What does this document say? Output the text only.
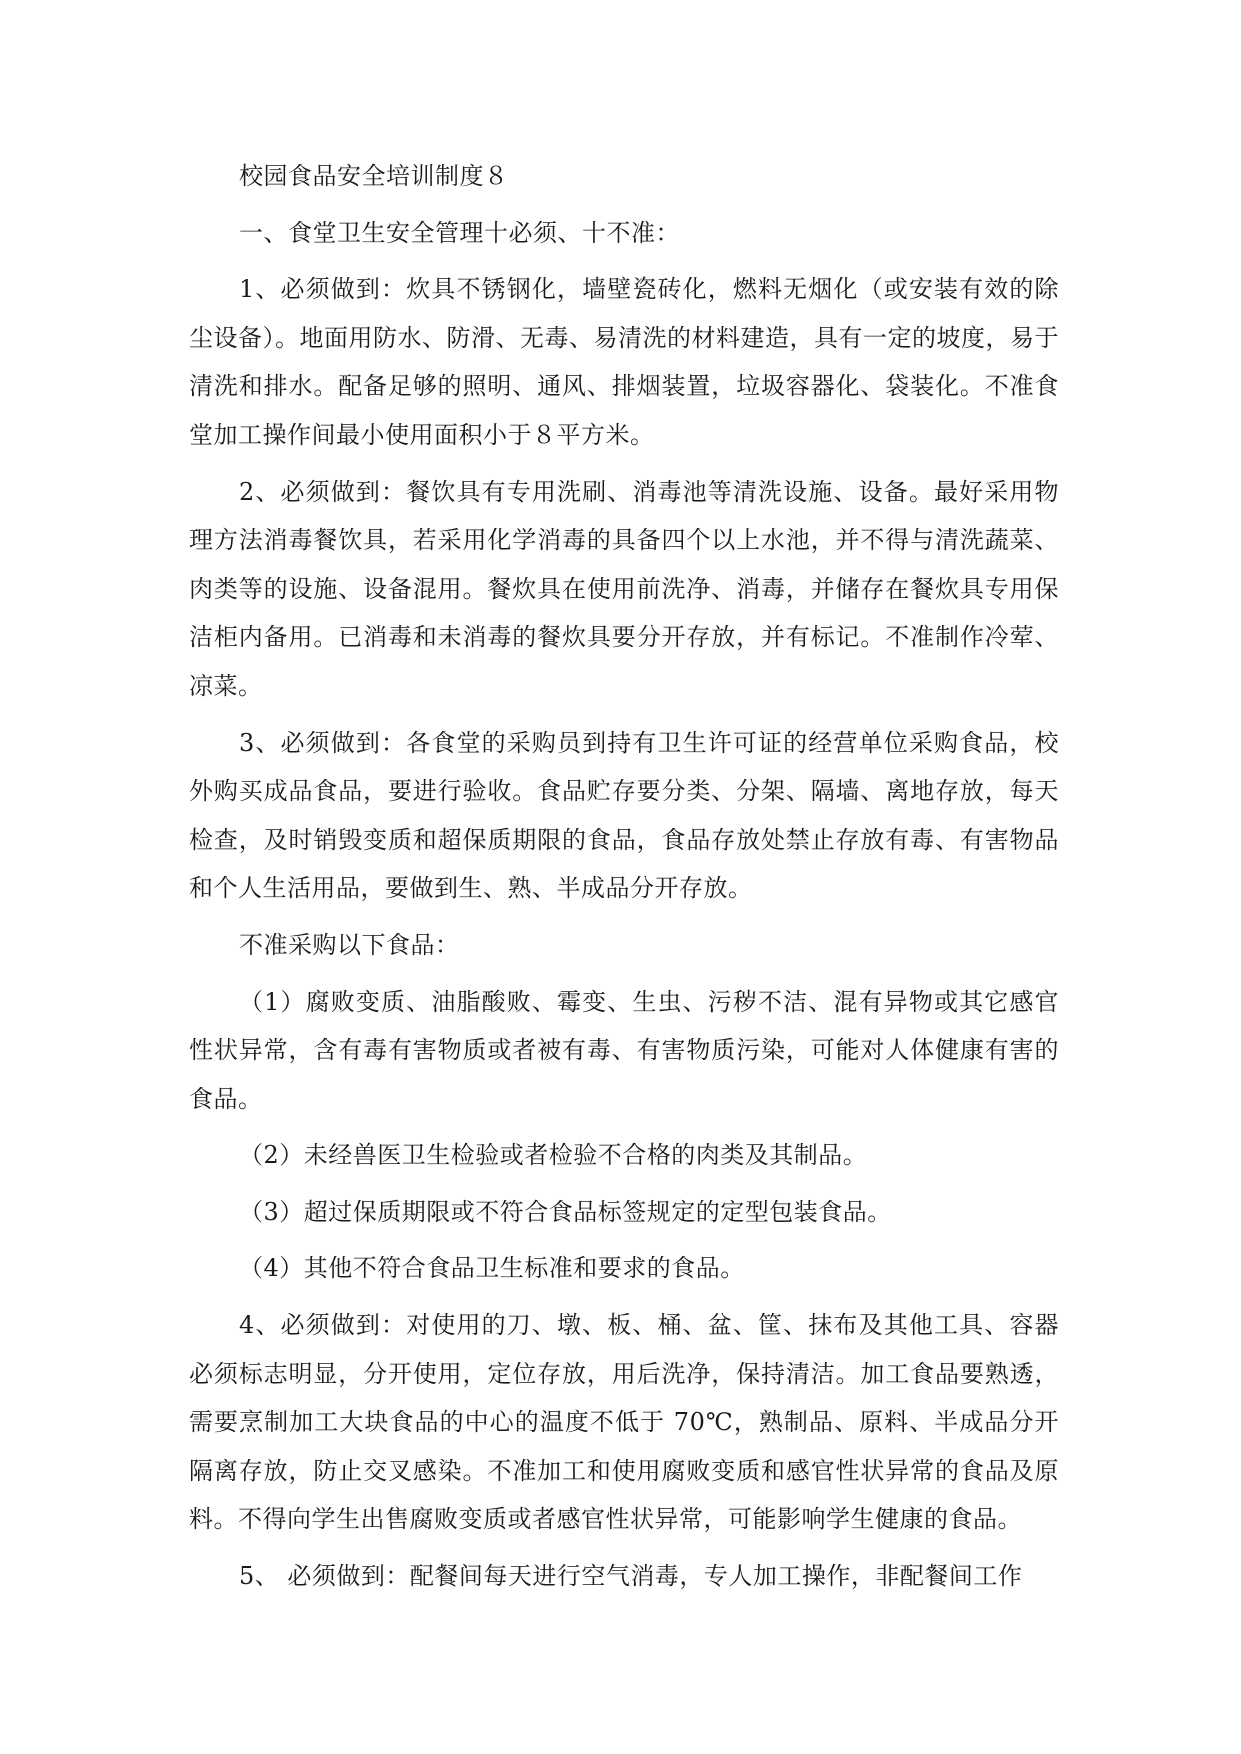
校园食品安全培训制度８

一、食堂卫生安全管理十必须、十不准：

1、必须做到：炊具不锈钢化，墙壁瓷砖化，燃料无烟化（或安装有效的除尘设备）。地面用防水、防滑、无毒、易清洗的材料建造，具有一定的坡度，易于清洗和排水。配备足够的照明、通风、排烟装置，垃圾容器化、袋装化。不准食堂加工操作间最小使用面积小于８平方米。

2、必须做到：餐饮具有专用洗刷、消毒池等清洗设施、设备。最好采用物理方法消毒餐饮具，若采用化学消毒的具备四个以上水池，并不得与清洗蔬菜、肉类等的设施、设备混用。餐炊具在使用前洗净、消毒，并储存在餐炊具专用保洁柜内备用。已消毒和未消毒的餐炊具要分开存放，并有标记。不准制作冷荤、凉菜。

3、必须做到：各食堂的采购员到持有卫生许可证的经营单位采购食品，校外购买成品食品，要进行验收。食品贮存要分类、分架、隔墙、离地存放，每天检查，及时销毁变质和超保质期限的食品，食品存放处禁止存放有毒、有害物品和个人生活用品，要做到生、熟、半成品分开存放。

不准采购以下食品：

（1）腐败变质、油脂酸败、霉变、生虫、污秽不洁、混有异物或其它感官性状异常，含有毒有害物质或者被有毒、有害物质污染，可能对人体健康有害的食品。

（2）未经兽医卫生检验或者检验不合格的肉类及其制品。

（3）超过保质期限或不符合食品标签规定的定型包装食品。

（4）其他不符合食品卫生标准和要求的食品。

4、必须做到：对使用的刀、墩、板、桶、盆、筐、抹布及其他工具、容器必须标志明显，分开使用，定位存放，用后洗净，保持清洁。加工食品要熟透，需要烹制加工大块食品的中心的温度不低于 70℃，熟制品、原料、半成品分开隔离存放，防止交叉感染。不准加工和使用腐败变质和感官性状异常的食品及原料。不得向学生出售腐败变质或者感官性状异常，可能影响学生健康的食品。

5、 必须做到：配餐间每天进行空气消毒，专人加工操作，非配餐间工作
